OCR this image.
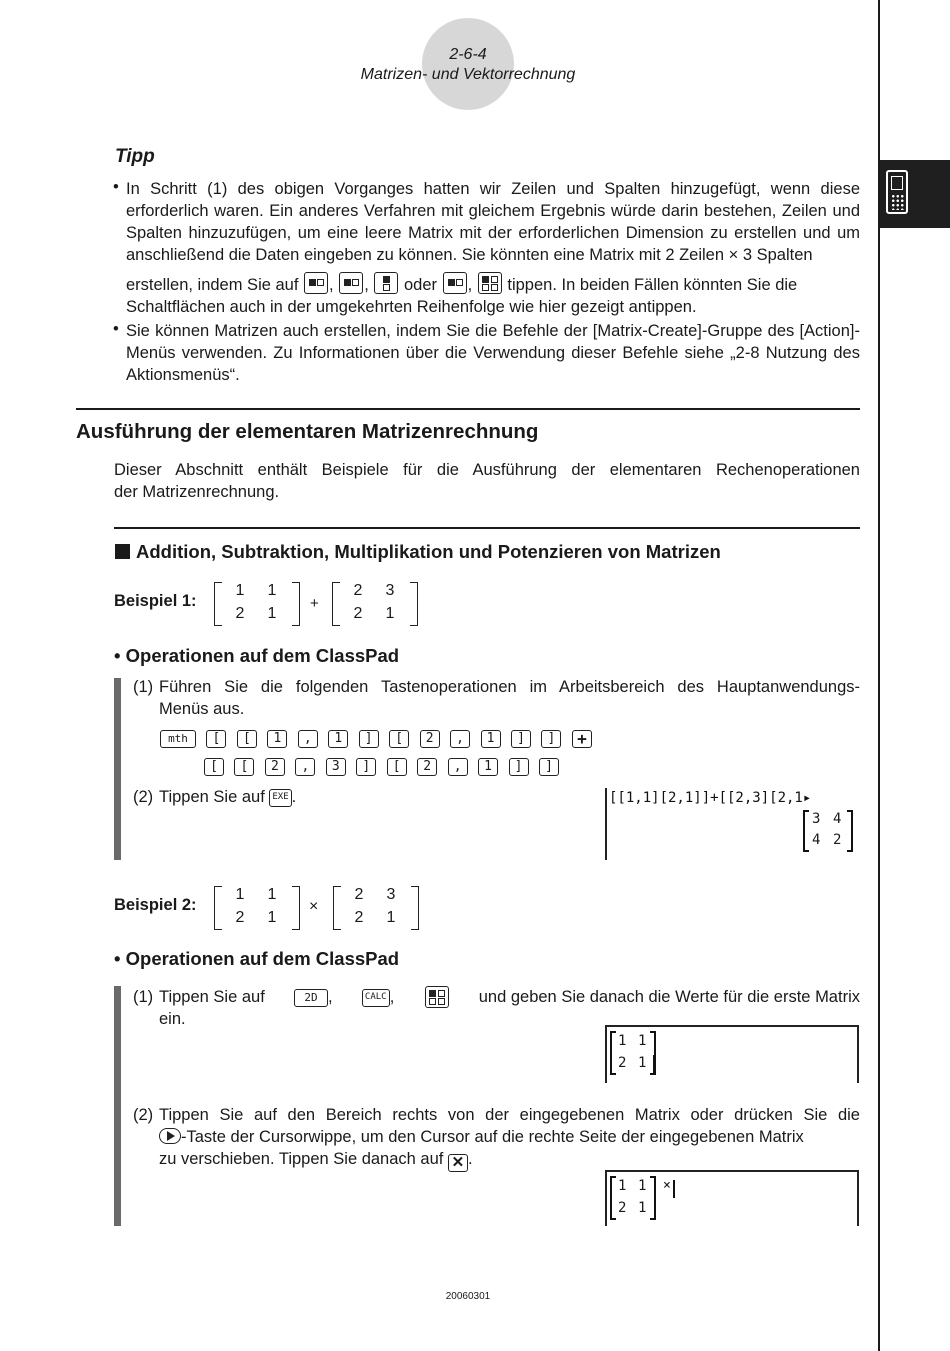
2-6-4
Matrizen- und Vektorrechnung
Tipp
• In Schritt (1) des obigen Vorganges hatten wir Zeilen und Spalten hinzugefügt, wenn diese
erforderlich waren. Ein anderes Verfahren mit gleichem Ergebnis würde darin bestehen, Zeilen und
Spalten hinzuzufügen, um eine leere Matrix mit der erforderlichen Dimension zu erstellen und um
anschließend die Daten eingeben zu können. Sie könnten eine Matrix mit 2 Zeilen × 3 Spalten
erstellen, indem Sie auf ,
,
oder ,
tippen. In beiden Fällen könnten Sie die
Schaltflächen auch in der umgekehrten Reihenfolge wie hier gezeigt antippen.
• Sie können Matrizen auch erstellen, indem Sie die Befehle der [Matrix-Create]-Gruppe des [Action]-
Menüs verwenden. Zu Informationen über die Verwendung dieser Befehle siehe „2-8 Nutzung des
Aktionsmenüs“.
Ausführung der elementaren Matrizenrechnung
Dieser Abschnitt enthält Beispiele für die Ausführung der elementaren Rechenoperationen
der Matrizenrechnung.
Addition, Subtraktion, Multiplikation und Potenzieren von Matrizen
Beispiel 1:
1	1
2	1
+
2	3
2	1
• Operationen auf dem ClassPad
(1) Führen Sie die folgenden Tastenoperationen im Arbeitsbereich des Hauptanwendungs-
Menüs aus.
mth [ [ 1 , 1 ] [ 2 , 1 ] ] +
[ [ 2 , 3 ] [ 2 , 1 ] ]
(2) Tippen Sie auf EXE .	[[1,1][2,1]]+[[2,3][2,1▸
3 4
4 2
Beispiel 2:
1	1
2	1
×
2	3
2	1
• Operationen auf dem ClassPad
(1) Tippen Sie auf	2D ,	CALC ,	und geben Sie danach die Werte für die erste Matrix
ein.
1 1
2 1
(2) Tippen Sie auf den Bereich rechts von der eingegebenen Matrix oder drücken Sie die
-Taste der Cursorwippe, um den Cursor auf die rechte Seite der eingegebenen Matrix
zu verschieben. Tippen Sie danach auf ✕ .
1 1
2 1
×
20060301
